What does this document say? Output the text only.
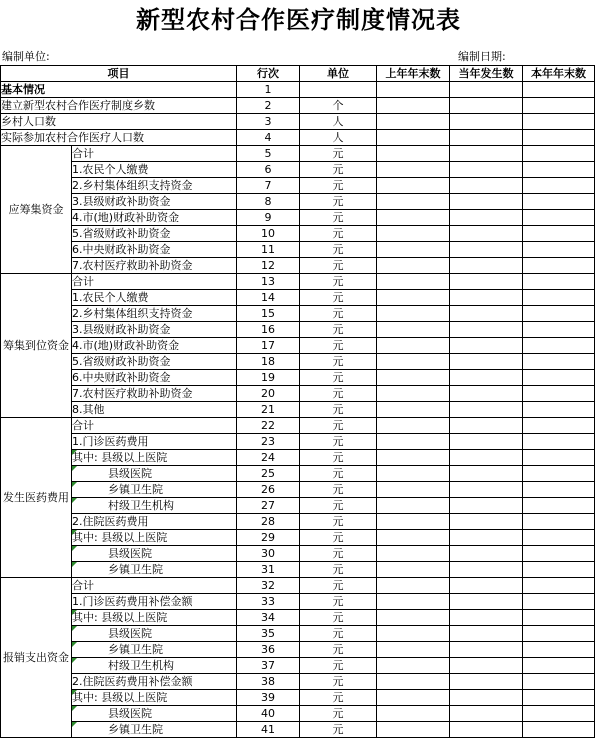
新型农村合作医疗制度情况表
编制单位:	编制日期:
项目		行次	单位	上年年末数	当年发生数	本年年末数
基本情况		1				
建立新型农村合作医疗制度乡数		2	个			
乡村人口数		3	人			
实际参加农村合作医疗人口数		4	人			
应筹集资金	合计	5	元			
	1.农民个人缴费	6	元			
	2.乡村集体组织支持资金	7	元			
	3.县级财政补助资金	8	元			
	4.市(地)财政补助资金	9	元			
	5.省级财政补助资金	10	元			
	6.中央财政补助资金	11	元			
	7.农村医疗救助补助资金	12	元			
筹集到位资金	合计	13	元			
	1.农民个人缴费	14	元			
	2.乡村集体组织支持资金	15	元			
	3.县级财政补助资金	16	元			
	4.市(地)财政补助资金	17	元			
	5.省级财政补助资金	18	元			
	6.中央财政补助资金	19	元			
	7.农村医疗救助补助资金	20	元			
	8.其他	21	元			
发生医药费用	合计	22	元			
	1.门诊医药费用	23	元			
	其中: 县级以上医院	24	元			
	县级医院	25	元			
	乡镇卫生院	26	元			
	村级卫生机构	27	元			
	2.住院医药费用	28	元			
	其中: 县级以上医院	29	元			
	县级医院	30	元			
	乡镇卫生院	31	元			
报销支出资金	合计	32	元			
	1.门诊医药费用补偿金额	33	元			
	其中: 县级以上医院	34	元			
	县级医院	35	元			
	乡镇卫生院	36	元			
	村级卫生机构	37	元			
	2.住院医药费用补偿金额	38	元			
	其中: 县级以上医院	39	元			
	县级医院	40	元			
	乡镇卫生院	41	元			
